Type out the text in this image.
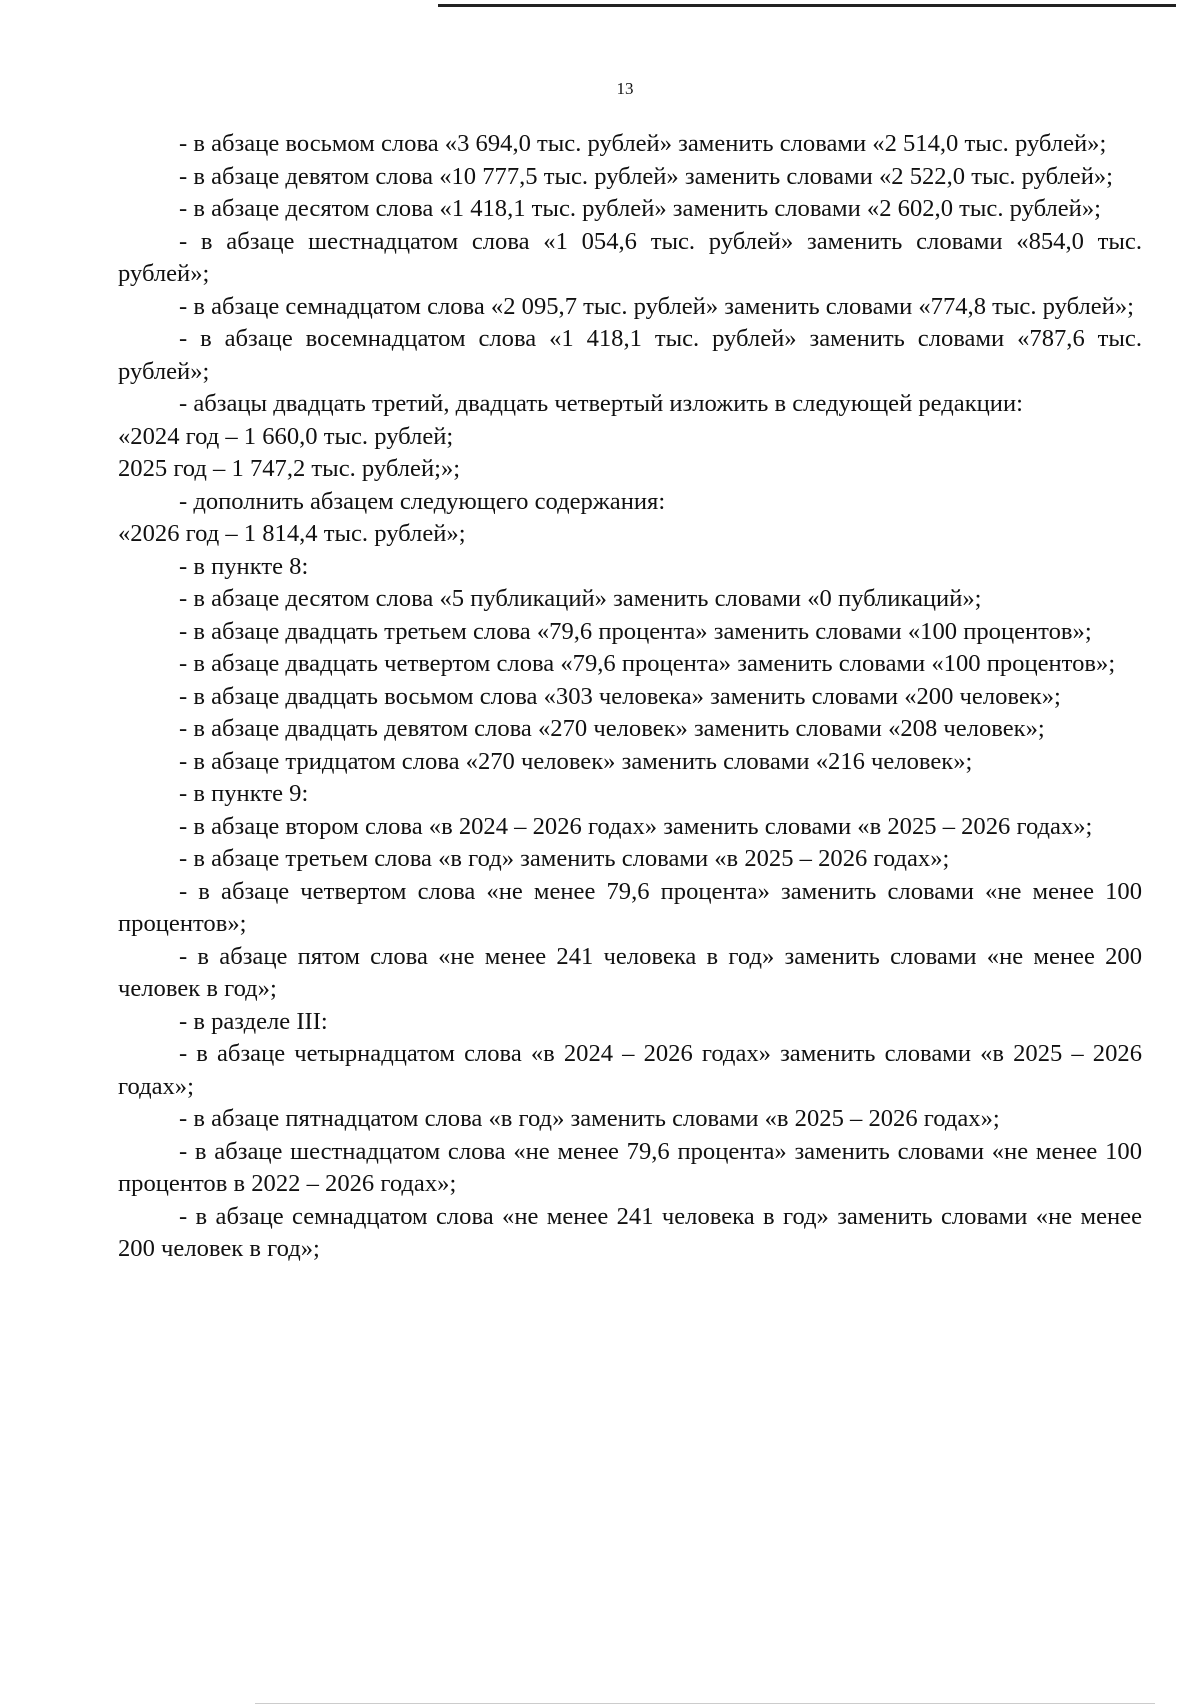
13

- в абзаце восьмом слова «3 694,0 тыс. рублей» заменить словами «2 514,0 тыс. рублей»;

- в абзаце девятом слова «10 777,5 тыс. рублей» заменить словами «2 522,0 тыс. рублей»;

- в абзаце десятом слова «1 418,1 тыс. рублей» заменить словами «2 602,0 тыс. рублей»;

- в абзаце шестнадцатом слова «1 054,6 тыс. рублей» заменить словами «854,0 тыс. рублей»;

- в абзаце семнадцатом слова «2 095,7 тыс. рублей» заменить словами «774,8 тыс. рублей»;

- в абзаце восемнадцатом слова «1 418,1 тыс. рублей» заменить словами «787,6 тыс. рублей»;

- абзацы двадцать третий, двадцать четвертый изложить в следующей редакции:

«2024 год – 1 660,0 тыс. рублей;

2025 год – 1 747,2 тыс. рублей;»;

- дополнить абзацем следующего содержания:

«2026 год – 1 814,4 тыс. рублей»;

- в пункте 8:

- в абзаце десятом слова «5 публикаций» заменить словами «0 публикаций»;

- в абзаце двадцать третьем слова «79,6 процента» заменить словами «100 процентов»;

- в абзаце двадцать четвертом слова «79,6 процента» заменить словами «100 процентов»;

- в абзаце двадцать восьмом слова «303 человека» заменить словами «200 человек»;

- в абзаце двадцать девятом слова «270 человек» заменить словами «208 человек»;

- в абзаце тридцатом слова «270 человек» заменить словами «216 человек»;

- в пункте 9:

- в абзаце втором слова «в 2024 – 2026 годах» заменить словами «в 2025 – 2026 годах»;

- в абзаце третьем слова «в год» заменить словами «в 2025 – 2026 годах»;

- в абзаце четвертом слова «не менее 79,6 процента» заменить словами «не менее 100 процентов»;

- в абзаце пятом слова «не менее 241 человека в год» заменить словами «не менее 200 человек в год»;

- в разделе III:

- в абзаце четырнадцатом слова «в 2024 – 2026 годах» заменить словами «в 2025 – 2026 годах»;

- в абзаце пятнадцатом слова «в год» заменить словами «в 2025 – 2026 годах»;

- в абзаце шестнадцатом слова «не менее 79,6 процента» заменить словами «не менее 100 процентов в 2022 – 2026 годах»;

- в абзаце семнадцатом слова «не менее 241 человека в год» заменить словами «не менее 200 человек в год»;
